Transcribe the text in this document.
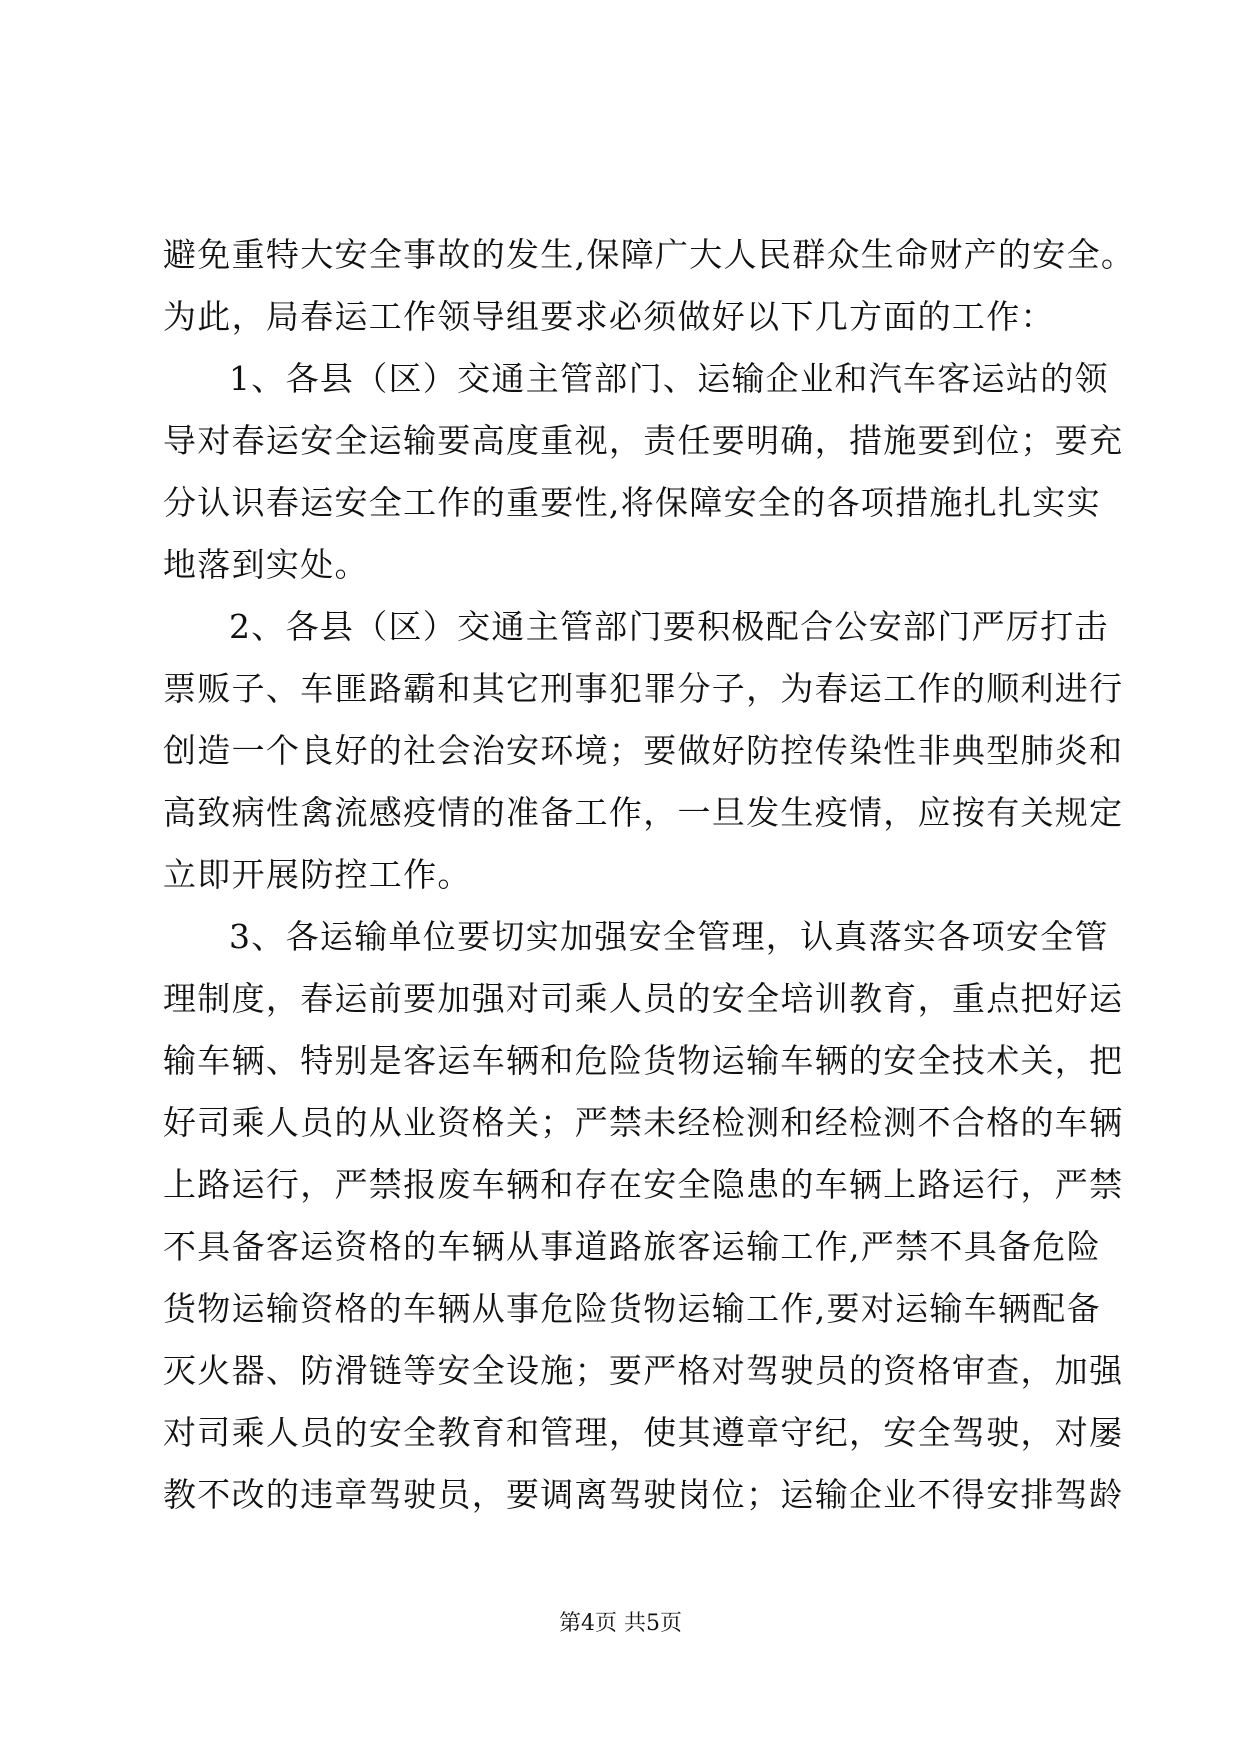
避免重特大安全事故的发生,保障广大人民群众生命财产的安全。
为此，局春运工作领导组要求必须做好以下几方面的工作：
1、各县（区）交通主管部门、运输企业和汽车客运站的领
导对春运安全运输要高度重视，责任要明确，措施要到位；要充
分认识春运安全工作的重要性,将保障安全的各项措施扎扎实实
地落到实处。
2、各县（区）交通主管部门要积极配合公安部门严厉打击
票贩子、车匪路霸和其它刑事犯罪分子，为春运工作的顺利进行
创造一个良好的社会治安环境；要做好防控传染性非典型肺炎和
高致病性禽流感疫情的准备工作，一旦发生疫情，应按有关规定
立即开展防控工作。
3、各运输单位要切实加强安全管理，认真落实各项安全管
理制度，春运前要加强对司乘人员的安全培训教育，重点把好运
输车辆、特别是客运车辆和危险货物运输车辆的安全技术关，把
好司乘人员的从业资格关；严禁未经检测和经检测不合格的车辆
上路运行，严禁报废车辆和存在安全隐患的车辆上路运行，严禁
不具备客运资格的车辆从事道路旅客运输工作,严禁不具备危险
货物运输资格的车辆从事危险货物运输工作,要对运输车辆配备
灭火器、防滑链等安全设施；要严格对驾驶员的资格审查，加强
对司乘人员的安全教育和管理，使其遵章守纪，安全驾驶，对屡
教不改的违章驾驶员，要调离驾驶岗位；运输企业不得安排驾龄
第4页 共5页
